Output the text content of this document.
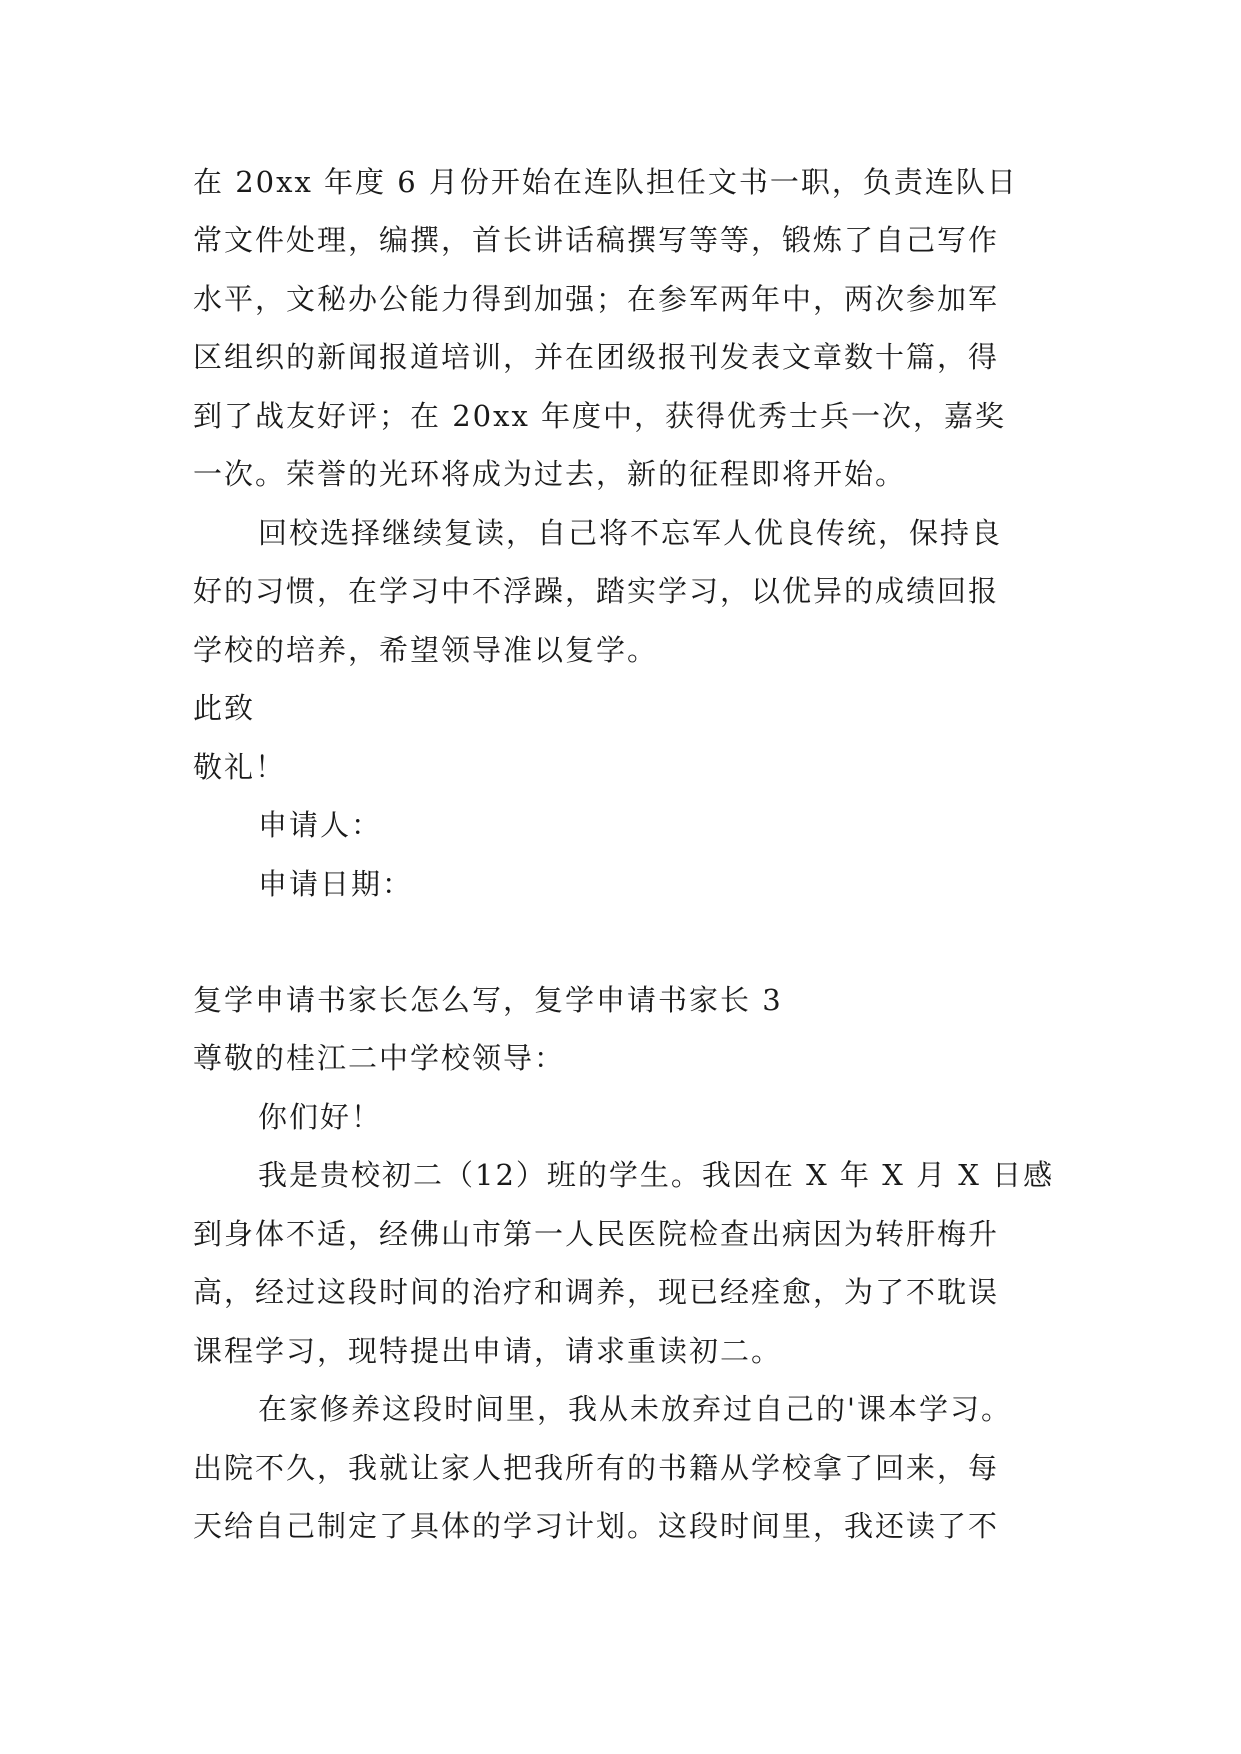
在 20xx 年度 6 月份开始在连队担任文书一职，负责连队日
常文件处理，编撰，首长讲话稿撰写等等，锻炼了自己写作
水平，文秘办公能力得到加强；在参军两年中，两次参加军
区组织的新闻报道培训，并在团级报刊发表文章数十篇，得
到了战友好评；在 20xx 年度中，获得优秀士兵一次，嘉奖
一次。荣誉的光环将成为过去，新的征程即将开始。
回校选择继续复读，自己将不忘军人优良传统，保持良
好的习惯，在学习中不浮躁，踏实学习，以优异的成绩回报
学校的培养，希望领导准以复学。
此致
敬礼！
申请人：
申请日期：
复学申请书家长怎么写，复学申请书家长 3
尊敬的桂江二中学校领导：
你们好！
我是贵校初二（12）班的学生。我因在 X 年 X 月 X 日感
到身体不适，经佛山市第一人民医院检查出病因为转肝梅升
高，经过这段时间的治疗和调养，现已经痊愈，为了不耽误
课程学习，现特提出申请，请求重读初二。
在家修养这段时间里，我从未放弃过自己的'课本学习。
出院不久，我就让家人把我所有的书籍从学校拿了回来，每
天给自己制定了具体的学习计划。这段时间里，我还读了不
